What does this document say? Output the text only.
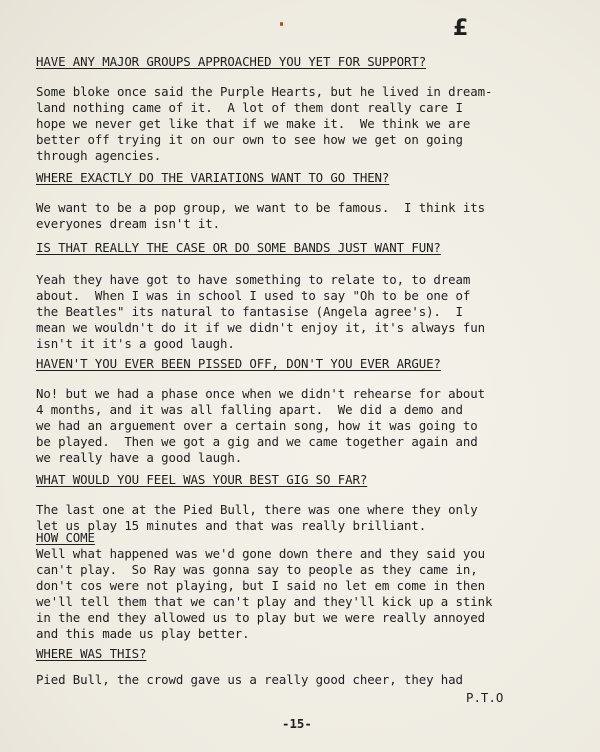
£

HAVE ANY MAJOR GROUPS APPROACHED YOU YET FOR SUPPORT?

Some bloke once said the Purple Hearts, but he lived in dream-
land nothing came of it.  A lot of them dont really care I
hope we never get like that if we make it.  We think we are
better off trying it on our own to see how we get on going
through agencies.

WHERE EXACTLY DO THE VARIATIONS WANT TO GO THEN?

We want to be a pop group, we want to be famous.  I think its
everyones dream isn't it.

IS THAT REALLY THE CASE OR DO SOME BANDS JUST WANT FUN?

Yeah they have got to have something to relate to, to dream
about.  When I was in school I used to say "Oh to be one of
the Beatles" its natural to fantasise (Angela agree's).  I
mean we wouldn't do it if we didn't enjoy it, it's always fun
isn't it it's a good laugh.

HAVEN'T YOU EVER BEEN PISSED OFF, DON'T YOU EVER ARGUE?

No! but we had a phase once when we didn't rehearse for about
4 months, and it was all falling apart.  We did a demo and
we had an arguement over a certain song, how it was going to
be played.  Then we got a gig and we came together again and
we really have a good laugh.

WHAT WOULD YOU FEEL WAS YOUR BEST GIG SO FAR?

The last one at the Pied Bull, there was one where they only
let us play 15 minutes and that was really brilliant.

HOW COME

Well what happened was we'd gone down there and they said you
can't play.  So Ray was gonna say to people as they came in,
don't cos were not playing, but I said no let em come in then
we'll tell them that we can't play and they'll kick up a stink
in the end they allowed us to play but we were really annoyed
and this made us play better.

WHERE WAS THIS?

Pied Bull, the crowd gave us a really good cheer, they had

P.T.O

-15-
